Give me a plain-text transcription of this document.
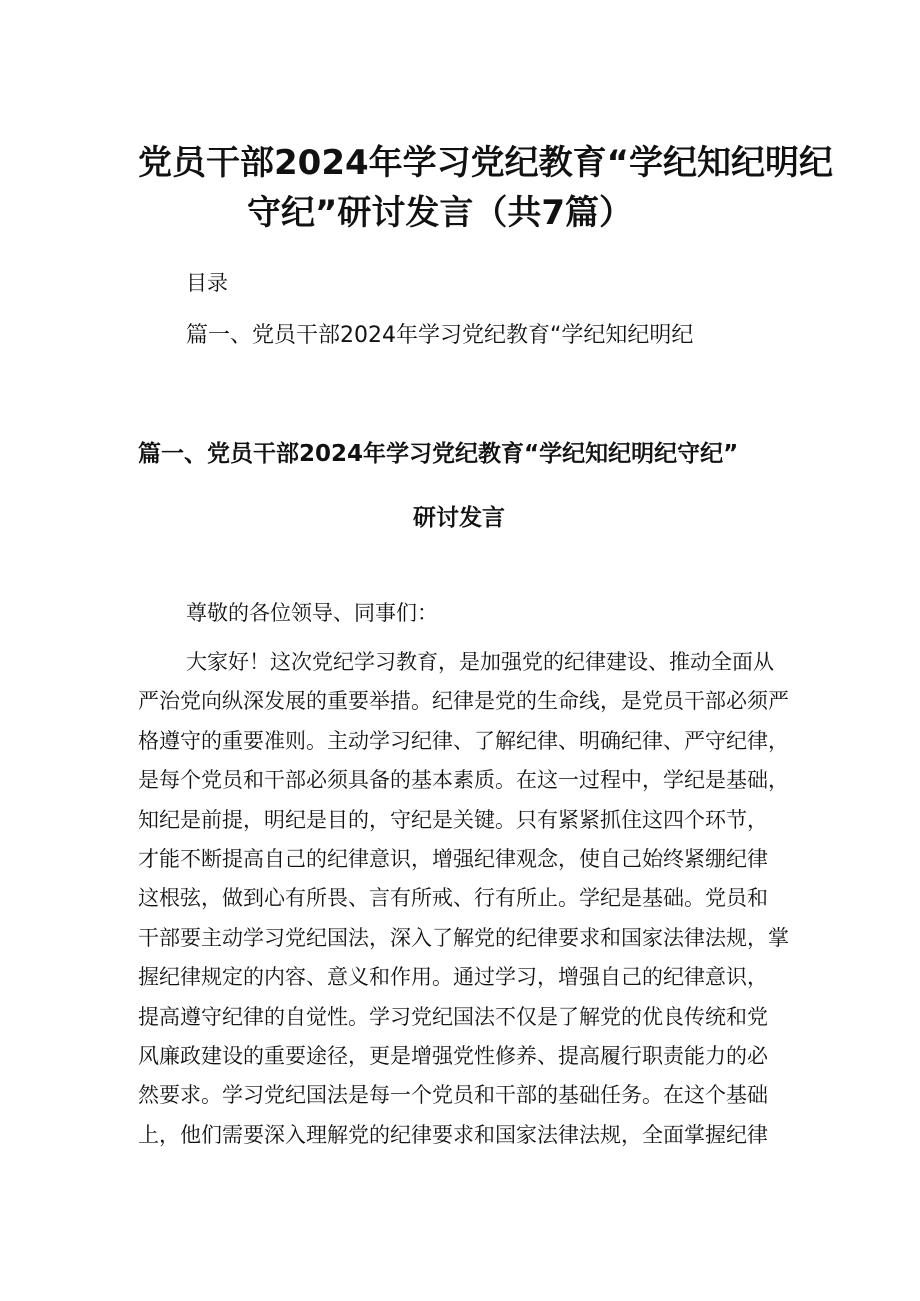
党员干部2024年学习党纪教育“学纪知纪明纪
守纪”研讨发言（共7篇）
目录
篇一、党员干部2024年学习党纪教育“学纪知纪明纪
篇一、党员干部2024年学习党纪教育“学纪知纪明纪守纪”
研讨发言
尊敬的各位领导、同事们：
大家好！这次党纪学习教育，是加强党的纪律建设、推动全面从
严治党向纵深发展的重要举措。纪律是党的生命线，是党员干部必须严
格遵守的重要准则。主动学习纪律、了解纪律、明确纪律、严守纪律，
是每个党员和干部必须具备的基本素质。在这一过程中，学纪是基础，
知纪是前提，明纪是目的，守纪是关键。只有紧紧抓住这四个环节，
才能不断提高自己的纪律意识，增强纪律观念，使自己始终紧绷纪律
这根弦，做到心有所畏、言有所戒、行有所止。学纪是基础。党员和
干部要主动学习党纪国法，深入了解党的纪律要求和国家法律法规，掌
握纪律规定的内容、意义和作用。通过学习，增强自己的纪律意识，
提高遵守纪律的自觉性。学习党纪国法不仅是了解党的优良传统和党
风廉政建设的重要途径，更是增强党性修养、提高履行职责能力的必
然要求。学习党纪国法是每一个党员和干部的基础任务。在这个基础
上，他们需要深入理解党的纪律要求和国家法律法规，全面掌握纪律
